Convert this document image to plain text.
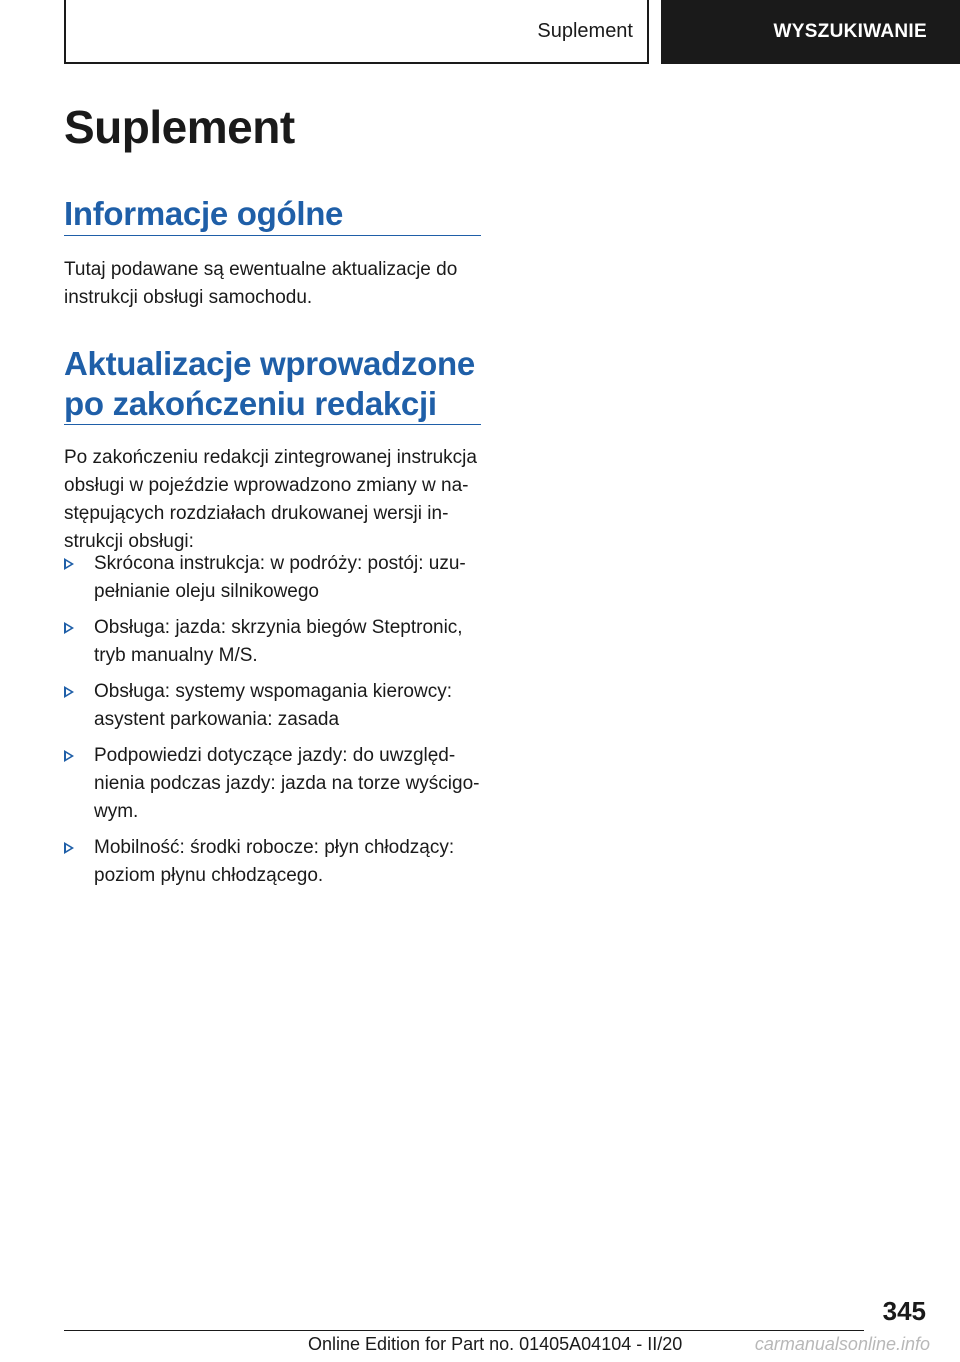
Suplement	WYSZUKIWANIE
Suplement
Informacje ogólne

Tutaj podawane są ewentualne aktualizacje do instrukcji obsługi samochodu.

Aktualizacje wprowadzone po zakończeniu redakcji

Po zakończeniu redakcji zintegrowanej instrukcja obsługi w pojeździe wprowadzono zmiany w następujących rozdziałach drukowanej wersji instrukcji obsługi:

Skrócona instrukcja: w podróży: postój: uzupełnianie oleju silnikowego
Obsługa: jazda: skrzynia biegów Steptronic, tryb manualny M/S.
Obsługa: systemy wspomagania kierowcy: asystent parkowania: zasada
Podpowiedzi dotyczące jazdy: do uwzględnienia podczas jazdy: jazda na torze wyścigowym.
Mobilność: środki robocze: płyn chłodzący: poziom płynu chłodzącego.
345
Online Edition for Part no. 01405A04104 - II/20	carmanualsonline.info
